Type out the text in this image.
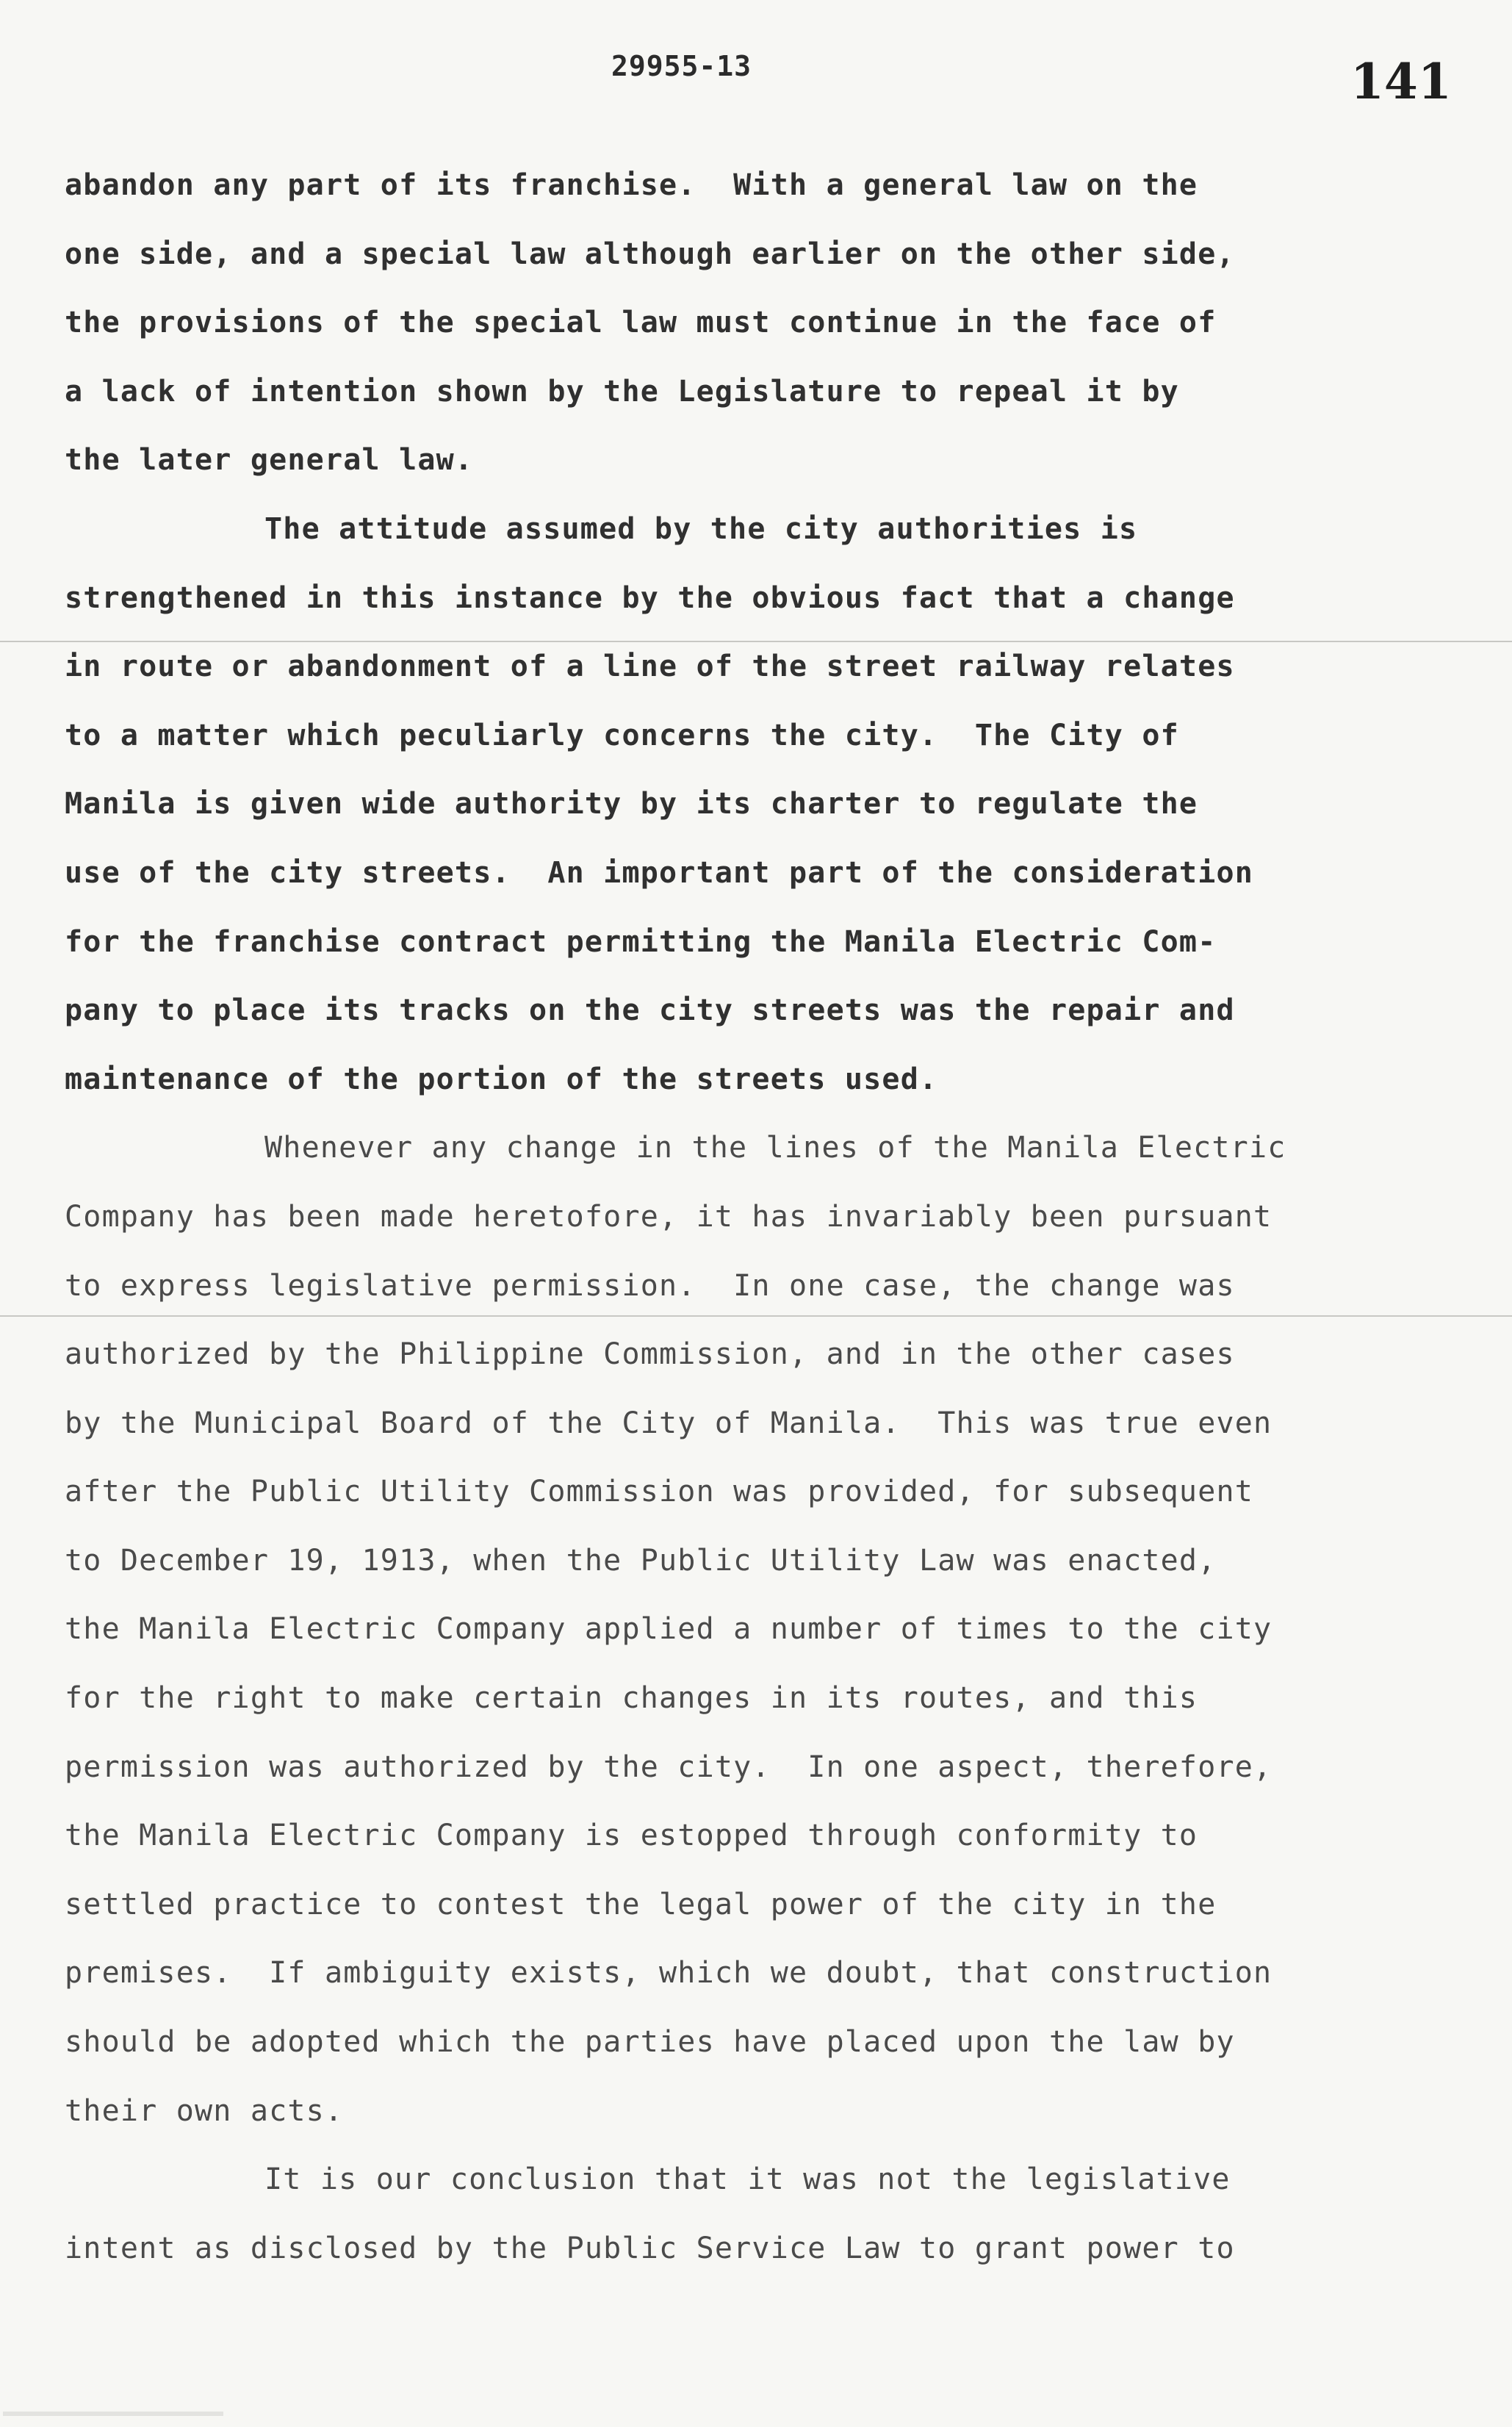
29955-13	141
abandon any part of its franchise.  With a general law on the
one side, and a special law although earlier on the other side,
the provisions of the special law must continue in the face of
a lack of intention shown by the Legislature to repeal it by
the later general law.
The attitude assumed by the city authorities is
strengthened in this instance by the obvious fact that a change
in route or abandonment of a line of the street railway relates
to a matter which peculiarly concerns the city.  The City of
Manila is given wide authority by its charter to regulate the
use of the city streets.  An important part of the consideration
for the franchise contract permitting the Manila Electric Com-
pany to place its tracks on the city streets was the repair and
maintenance of the portion of the streets used.
Whenever any change in the lines of the Manila Electric
Company has been made heretofore, it has invariably been pursuant
to express legislative permission.  In one case, the change was
authorized by the Philippine Commission, and in the other cases
by the Municipal Board of the City of Manila.  This was true even
after the Public Utility Commission was provided, for subsequent
to December 19, 1913, when the Public Utility Law was enacted,
the Manila Electric Company applied a number of times to the city
for the right to make certain changes in its routes, and this
permission was authorized by the city.  In one aspect, therefore,
the Manila Electric Company is estopped through conformity to
settled practice to contest the legal power of the city in the
premises.  If ambiguity exists, which we doubt, that construction
should be adopted which the parties have placed upon the law by
their own acts.
It is our conclusion that it was not the legislative
intent as disclosed by the Public Service Law to grant power to
